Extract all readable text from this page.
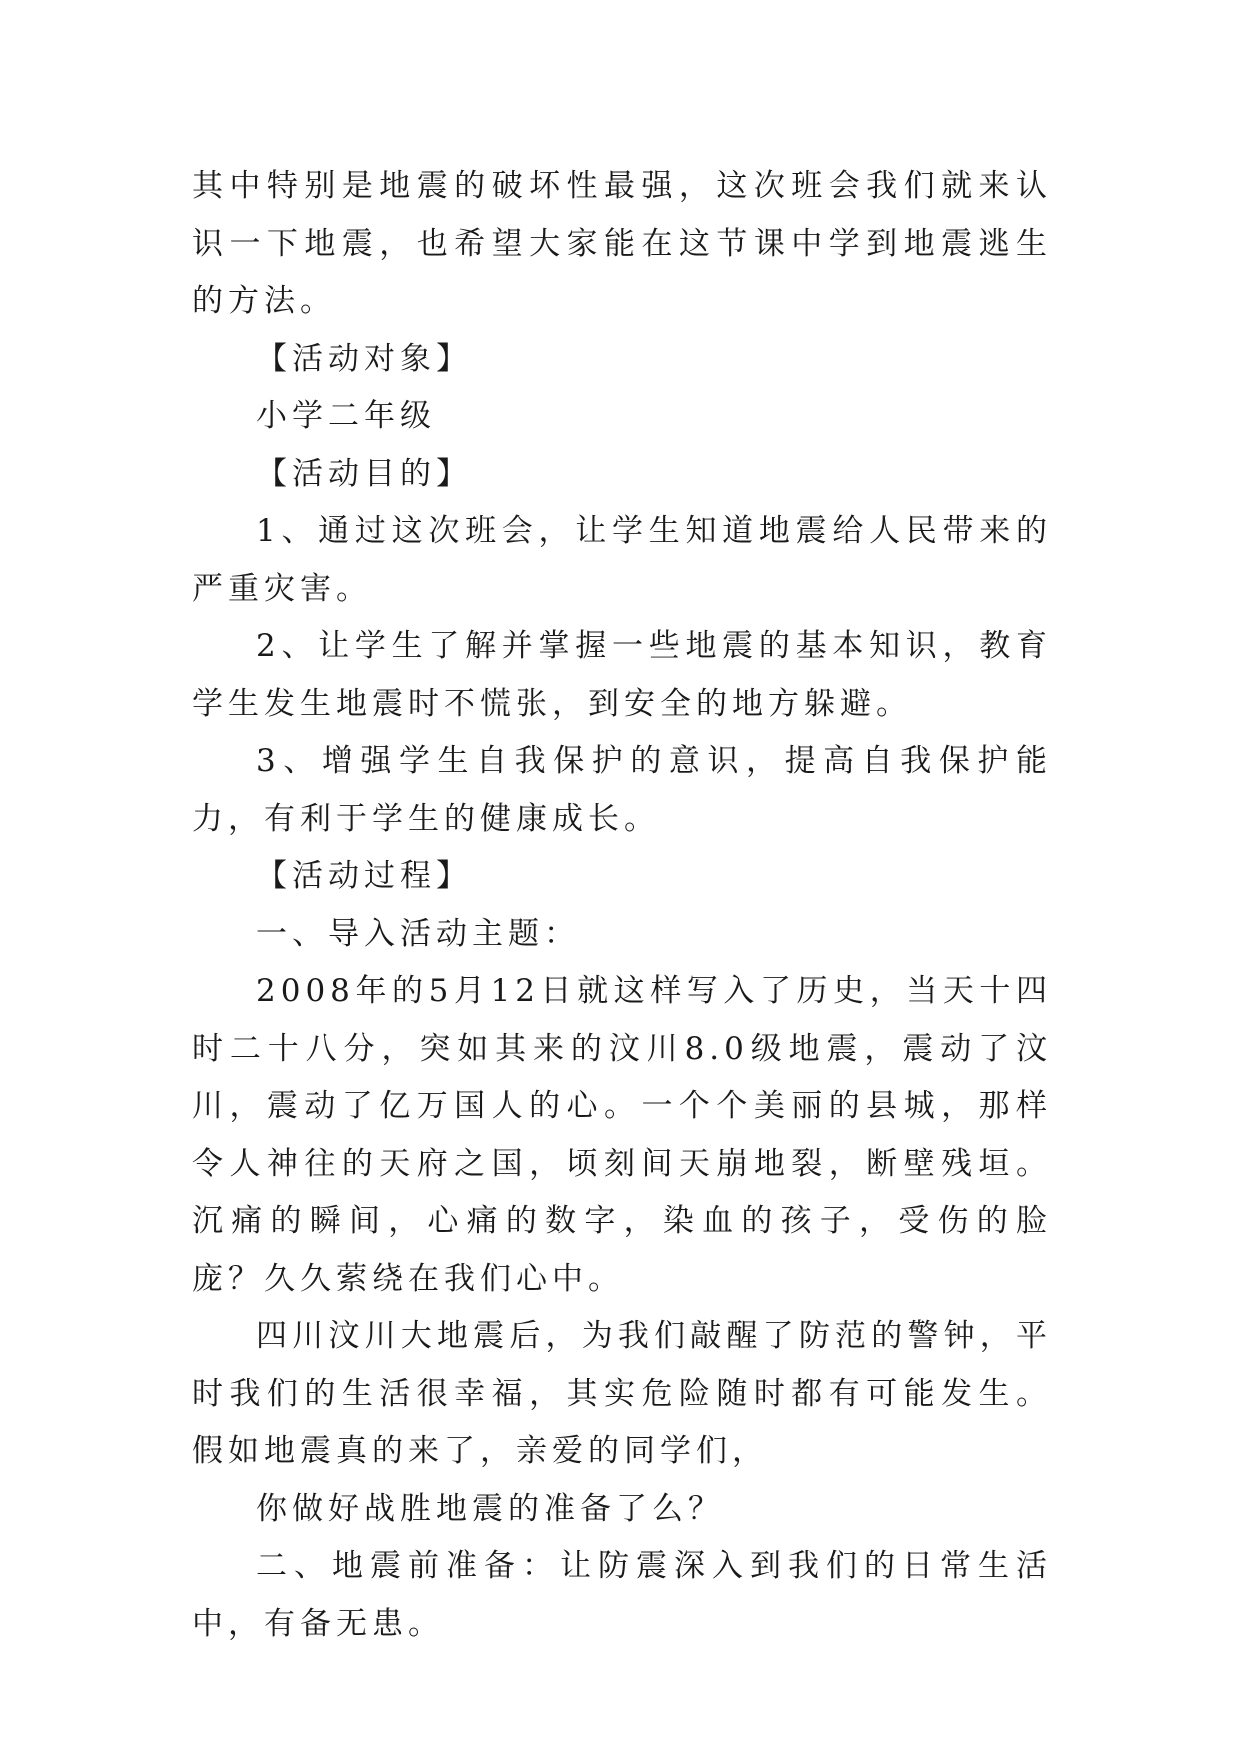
其中特别是地震的破坏性最强，这次班会我们就来认识一下地震，也希望大家能在这节课中学到地震逃生的方法。

【活动对象】

小学二年级

【活动目的】

1、通过这次班会，让学生知道地震给人民带来的严重灾害。

2、让学生了解并掌握一些地震的基本知识，教育学生发生地震时不慌张，到安全的地方躲避。

3、增强学生自我保护的意识，提高自我保护能力，有利于学生的健康成长。

【活动过程】

一、导入活动主题：

2008年的5月12日就这样写入了历史，当天十四时二十八分，突如其来的汶川8.0级地震，震动了汶川，震动了亿万国人的心。一个个美丽的县城，那样令人神往的天府之国，顷刻间天崩地裂，断壁残垣。沉痛的瞬间，心痛的数字，染血的孩子，受伤的脸庞？久久萦绕在我们心中。

四川汶川大地震后，为我们敲醒了防范的警钟，平时我们的生活很幸福，其实危险随时都有可能发生。假如地震真的来了，亲爱的同学们，

你做好战胜地震的准备了么？

二、地震前准备：让防震深入到我们的日常生活中，有备无患。
